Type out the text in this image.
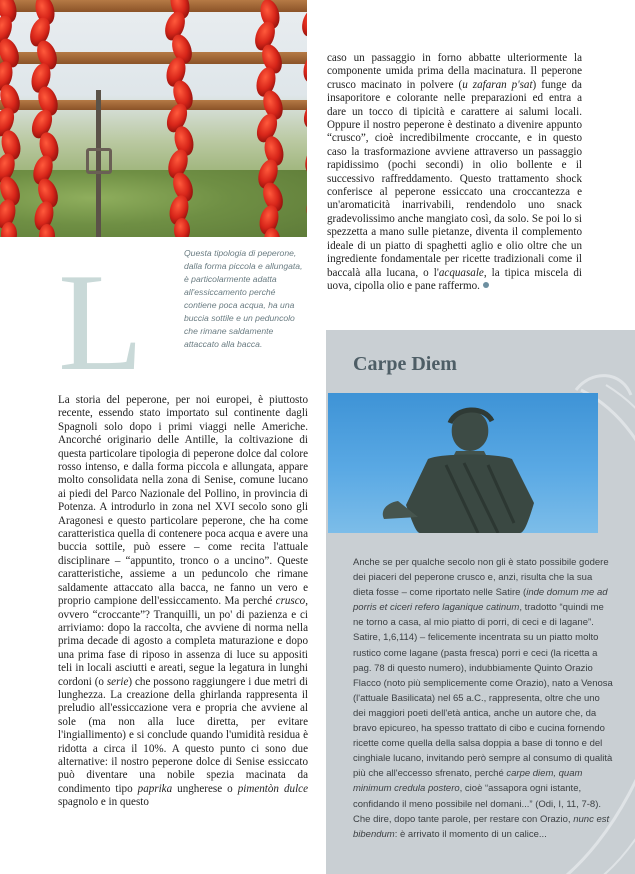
Questa tipologia di peperone, dalla forma piccola e allungata, è particolarmente adatta all'essiccamento perché contiene poca acqua, ha una buccia sottile e un peduncolo che rimane saldamente attaccato alla bacca.
L
La storia del peperone, per noi europei, è piuttosto recente, essendo stato importato sul continente dagli Spagnoli solo dopo i primi viaggi nelle Americhe. Ancorché originario delle Antille, la coltivazione di questa particolare tipologia di peperone dolce dal colore rosso intenso, e dalla forma piccola e allungata, appare molto consolidata nella zona di Senise, comune lucano ai piedi del Parco Nazionale del Pollino, in provincia di Potenza. A introdurlo in zona nel XVI secolo sono gli Aragonesi e questo particolare peperone, che ha come caratteristica quella di contenere poca acqua e avere una buccia sottile, può essere – come recita l'attuale disciplinare – “appuntito, tronco o a uncino”. Queste caratteristiche, assieme a un peduncolo che rimane saldamente attaccato alla bacca, ne fanno un vero e proprio campione dell'essiccamento. Ma perché crusco, ovvero “croccante”? Tranquilli, un po' di pazienza e ci arriviamo: dopo la raccolta, che avviene di norma nella prima decade di agosto a completa maturazione e dopo una prima fase di riposo in assenza di luce su appositi teli in locali asciutti e areati, segue la legatura in lunghi cordoni (o serie) che possono raggiungere i due metri di lunghezza. La creazione della ghirlanda rappresenta il preludio all'essiccazione vera e propria che avviene al sole (ma non alla luce diretta, per evitare l'ingiallimento) e si conclude quando l'umidità residua è ridotta a circa il 10%. A questo punto ci sono due alternative: il nostro peperone dolce di Senise essiccato può diventare una nobile spezia macinata da condimento tipo paprika ungherese o pimentòn dulce spagnolo e in questo
caso un passaggio in forno abbatte ulteriormente la componente umida prima della macinatura. Il peperone crusco macinato in polvere (u zafaran p'sat) funge da insaporitore e colorante nelle preparazioni ed entra a dare un tocco di tipicità e carattere ai salumi locali. Oppure il nostro peperone è destinato a divenire appunto “crusco”, cioè incredibilmente croccante, e in questo caso la trasformazione avviene attraverso un passaggio rapidissimo (pochi secondi) in olio bollente e il successivo raffreddamento. Questo trattamento shock conferisce al peperone essiccato una croccantezza e un'aromaticità inarrivabili, rendendolo uno snack gradevolissimo anche mangiato così, da solo. Se poi lo si spezzetta a mano sulle pietanze, diventa il complemento ideale di un piatto di spaghetti aglio e olio oltre che un ingrediente fondamentale per ricette tradizionali come il baccalà alla lucana, o l'acquasale, la tipica miscela di uova, cipolla olio e pane raffermo.
Carpe Diem
Anche se per qualche secolo non gli è stato possibile godere dei piaceri del peperone crusco e, anzi, risulta che la sua dieta fosse – come riportato nelle Satire (inde domum me ad porris et ciceri refero laganique catinum, tradotto “quindi me ne torno a casa, al mio piatto di porri, di ceci e di lagane”. Satire, 1,6,114) – felicemente incentrata su un piatto molto rustico come lagane (pasta fresca) porri e ceci (la ricetta a pag. 78 di questo numero), indubbiamente Quinto Orazio Flacco (noto più semplicemente come Orazio), nato a Venosa (l'attuale Basilicata) nel 65 a.C., rappresenta, oltre che uno dei maggiori poeti dell'età antica, anche un autore che, da bravo epicureo, ha spesso trattato di cibo e cucina fornendo ricette come quella della salsa doppia a base di tonno e del cinghiale lucano, invitando però sempre al consumo di qualità più che all'eccesso sfrenato, perché carpe diem, quam minimum credula postero, cioè “assapora ogni istante, confidando il meno possibile nel domani...” (Odi, I, 11, 7-8). Che dire, dopo tante parole, per restare con Orazio, nunc est bibendum: è arrivato il momento di un calice...
